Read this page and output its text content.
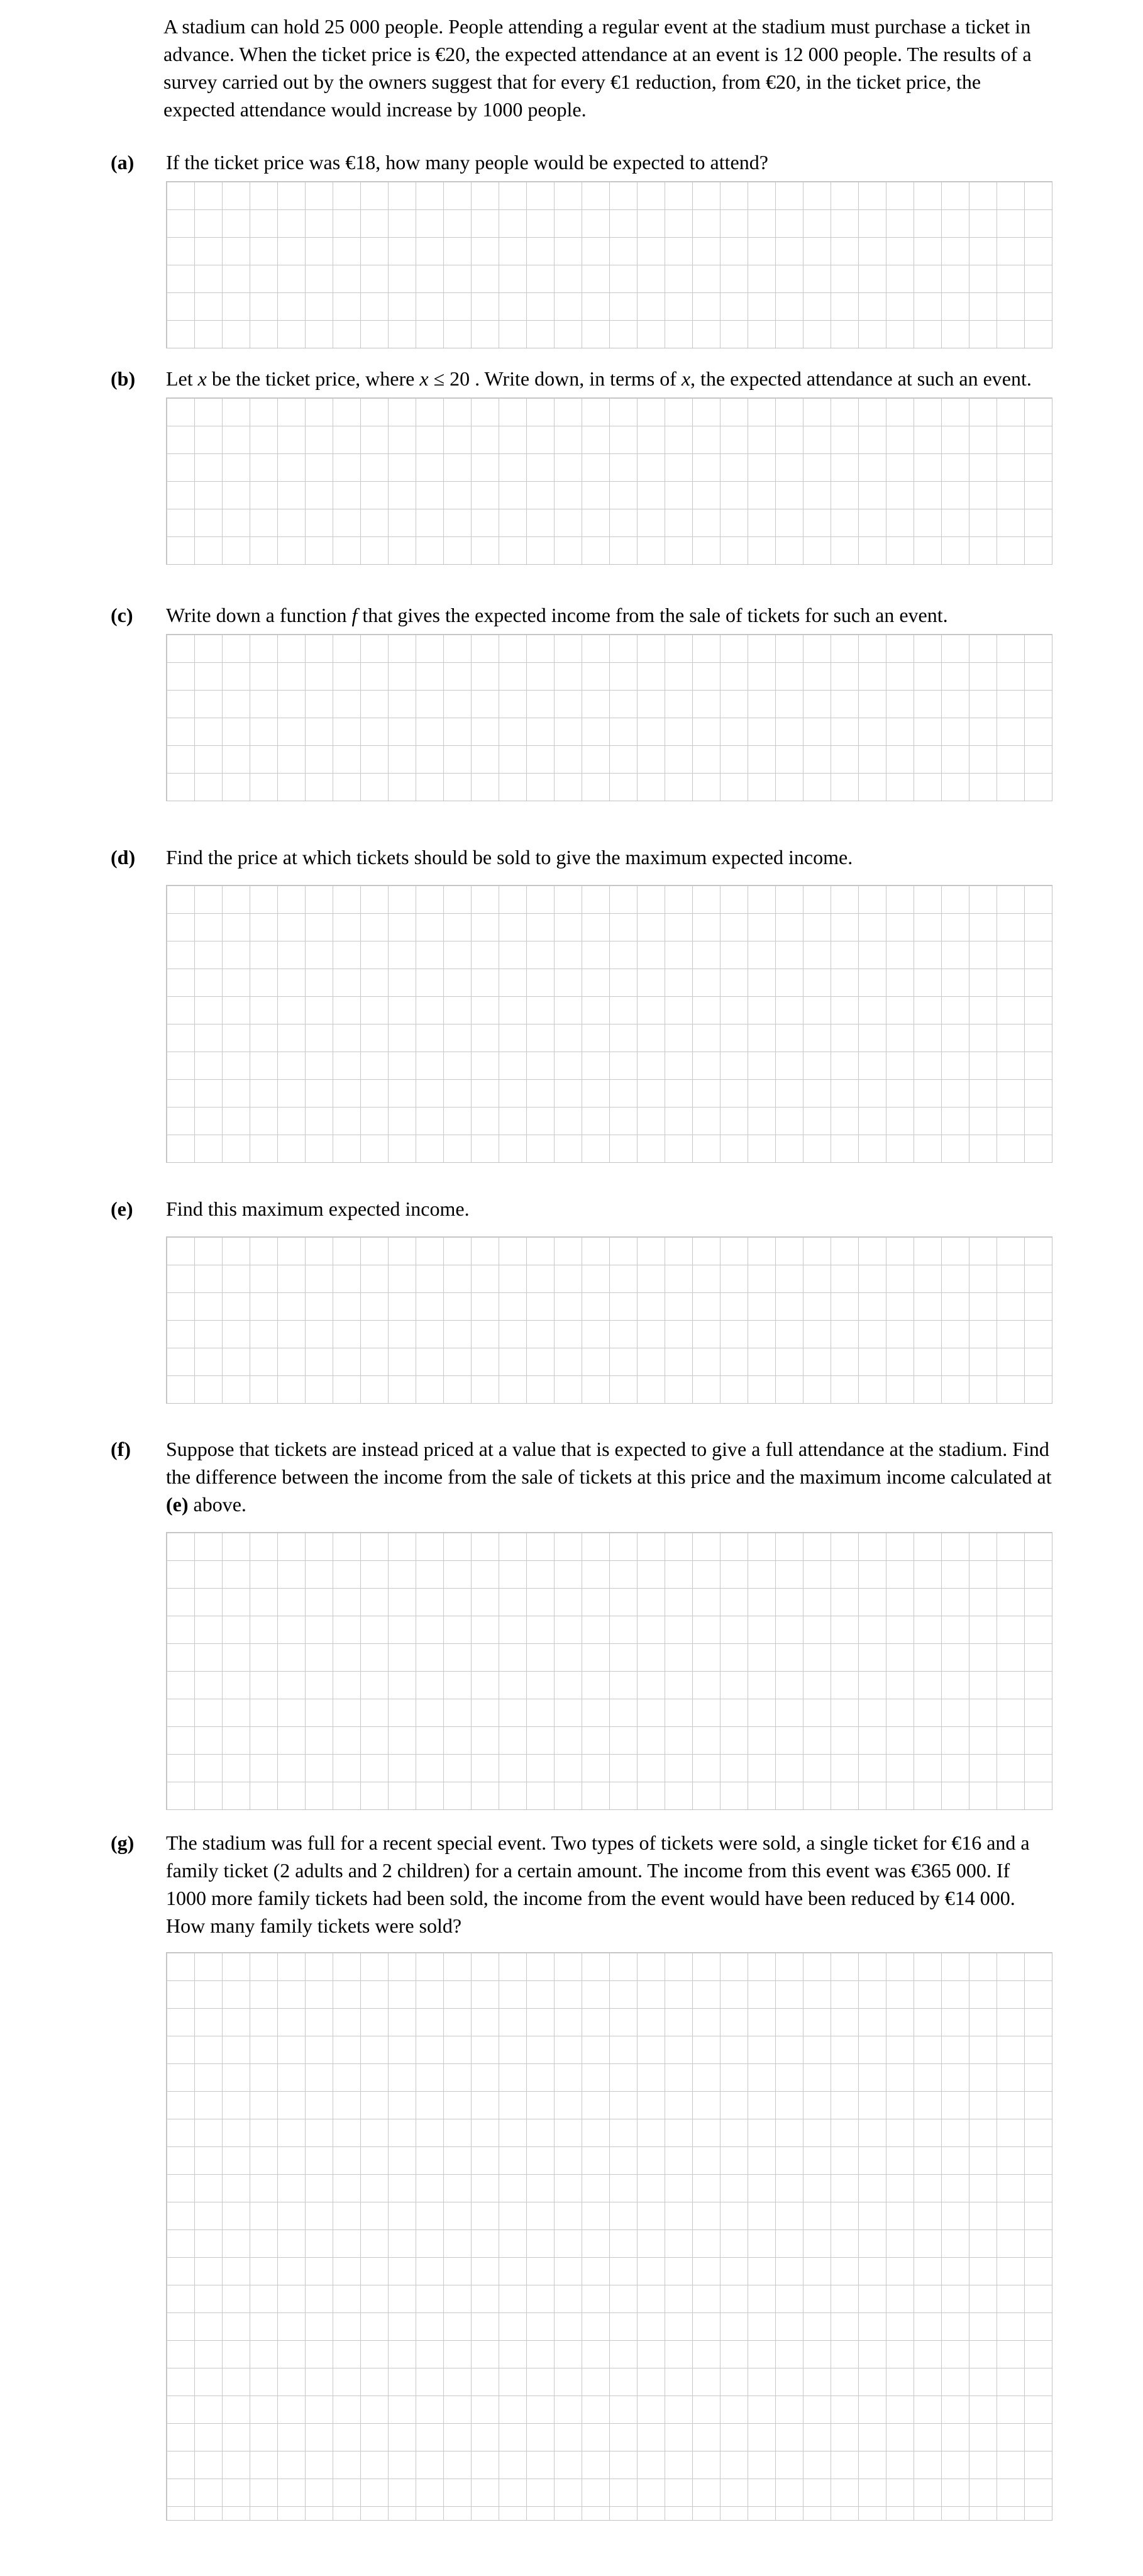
A stadium can hold 25 000 people. People attending a regular event at the stadium must purchase a ticket in advance. When the ticket price is €20, the expected attendance at an event is 12 000 people. The results of a survey carried out by the owners suggest that for every €1 reduction, from €20, in the ticket price, the expected attendance would increase by 1000 people.

(a)	If the ticket price was €18, how many people would be expected to attend?

(b)	Let x be the ticket price, where x ≤ 20 . Write down, in terms of x, the expected attendance at such an event.

(c)	Write down a function f that gives the expected income from the sale of tickets for such an event.

(d)	Find the price at which tickets should be sold to give the maximum expected income.

(e)	Find this maximum expected income.

(f)	Suppose that tickets are instead priced at a value that is expected to give a full attendance at the stadium. Find the difference between the income from the sale of tickets at this price and the maximum income calculated at (e) above.

(g)	The stadium was full for a recent special event. Two types of tickets were sold, a single ticket for €16 and a family ticket (2 adults and 2 children) for a certain amount. The income from this event was €365 000. If 1000 more family tickets had been sold, the income from the event would have been reduced by €14 000. How many family tickets were sold?
